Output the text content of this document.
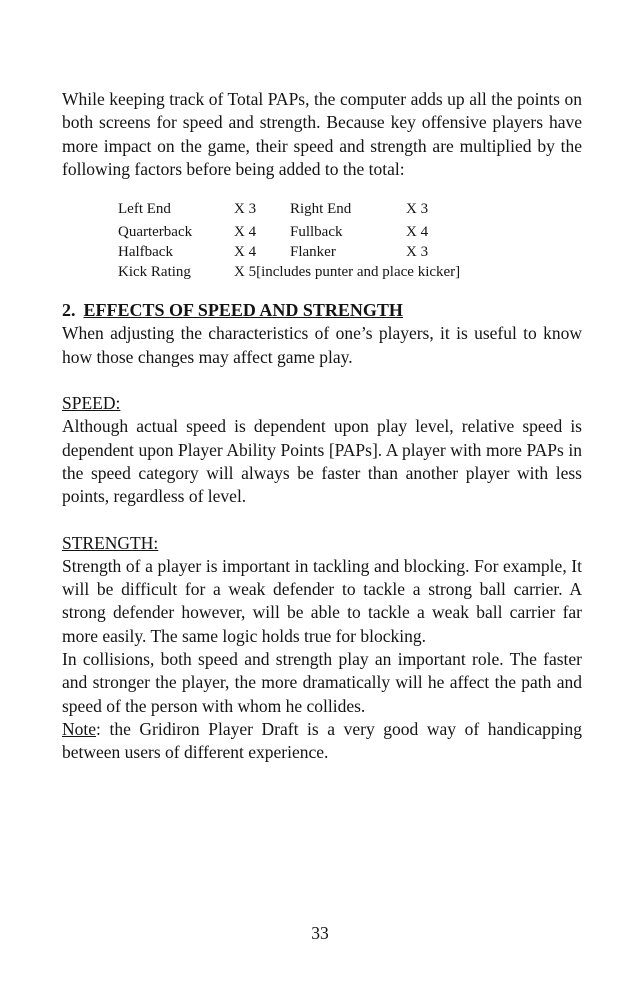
While keeping track of Total PAPs, the computer adds up all the points on both screens for speed and strength. Because key offensive players have more impact on the game, their speed and strength are multiplied by the following factors before being added to the total:

Left End	X 3	Right End	X 3
Quarterback	X 4	Fullback	X 4
Halfback	X 4	Flanker	X 3
Kick Rating	X 5[includes punter and place kicker]		
2. EFFECTS OF SPEED AND STRENGTH

When adjusting the characteristics of one’s players, it is useful to know how those changes may affect game play.

SPEED:

Although actual speed is dependent upon play level, relative speed is dependent upon Player Ability Points [PAPs]. A player with more PAPs in the speed category will always be faster than another player with less points, regardless of level.

STRENGTH:

Strength of a player is important in tackling and blocking. For example, It will be difficult for a weak defender to tackle a strong ball carrier. A strong defender however, will be able to tackle a weak ball carrier far more easily. The same logic holds true for blocking.

In collisions, both speed and strength play an important role. The faster and stronger the player, the more dramatically will he affect the path and speed of the person with whom he collides.

Note: the Gridiron Player Draft is a very good way of handicapping between users of different experience.

33
